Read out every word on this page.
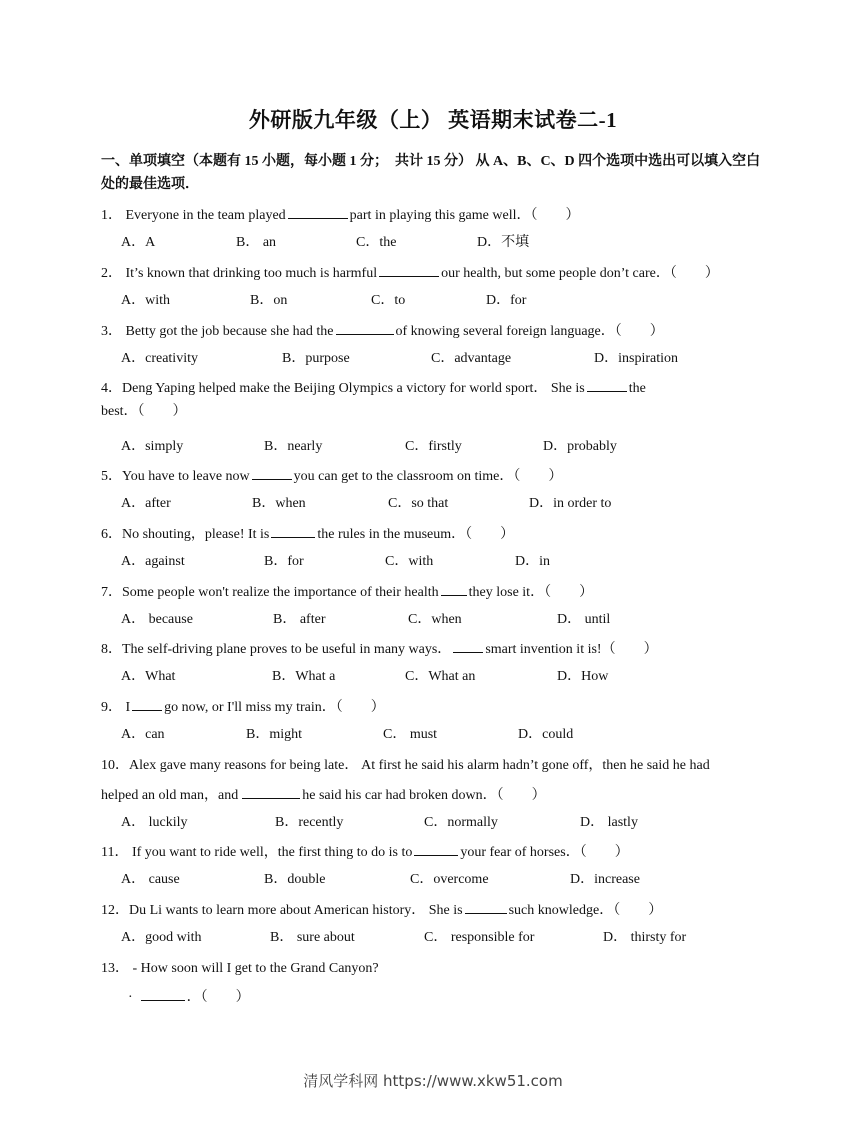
外研版九年级（上） 英语期末试卷二-1
一、单项填空（本题有 15 小题，每小题 1 分；　共计 15 分） 从 A、B、C、D 四个选项中选出可以填入空白处的最佳选项．
1． Everyone in the team played	part in playing this game well．（　　）
A．A	B． an	C．the	D．不填
2． It’s known that drinking too much is harmful	our health, but some people don’t care．（　　）
A．with	B．on	C．to	D．for
3． Betty got the job because she had the	of knowing several foreign language．（　　）
A．creativity	B．purpose	C．advantage	D．inspiration
4．Deng Yaping helped make the Beijing Olympics a victory for world sport． She is	the
best．（　　）
A．simply	B．nearly	C．firstly	D．probably
5．You have to leave now	you can get to the classroom on time．（　　）
A．after	B．when	C．so that	D．in order to
6．No shouting，please! It is	the rules in the museum．（　　）
A．against	B．for	C．with	D．in
7．Some people won't realize the importance of their health they lose it．（　　）
A． because	B． after	C．when	D． until
8．The self-driving plane proves to be useful in many ways． smart invention it is!（　　）
A．What	B．What a	C．What an	D．How
9． I go now, or I'll miss my train．（　　）
A．can	B．might	C． must	D．could
10．Alex gave many reasons for being late． At first he said his alarm hadn’t gone off，then he said he had
helped an old man，and	he said his car had broken down．（　　）
A． luckily	B．recently	C．normally	D． lastly
11． If you want to ride well，the first thing to do is to	your fear of horses．（　　）
A． cause	B．double	C．overcome	D．increase
12．Du Li wants to learn more about American history． She is	such knowledge．（　　）
A．good with	B． sure about	C． responsible for	D． thirsty for
13． - How soon will I get to the Grand Canyon?
·	．（　　）
清风学科网 https://www.xkw51.com
